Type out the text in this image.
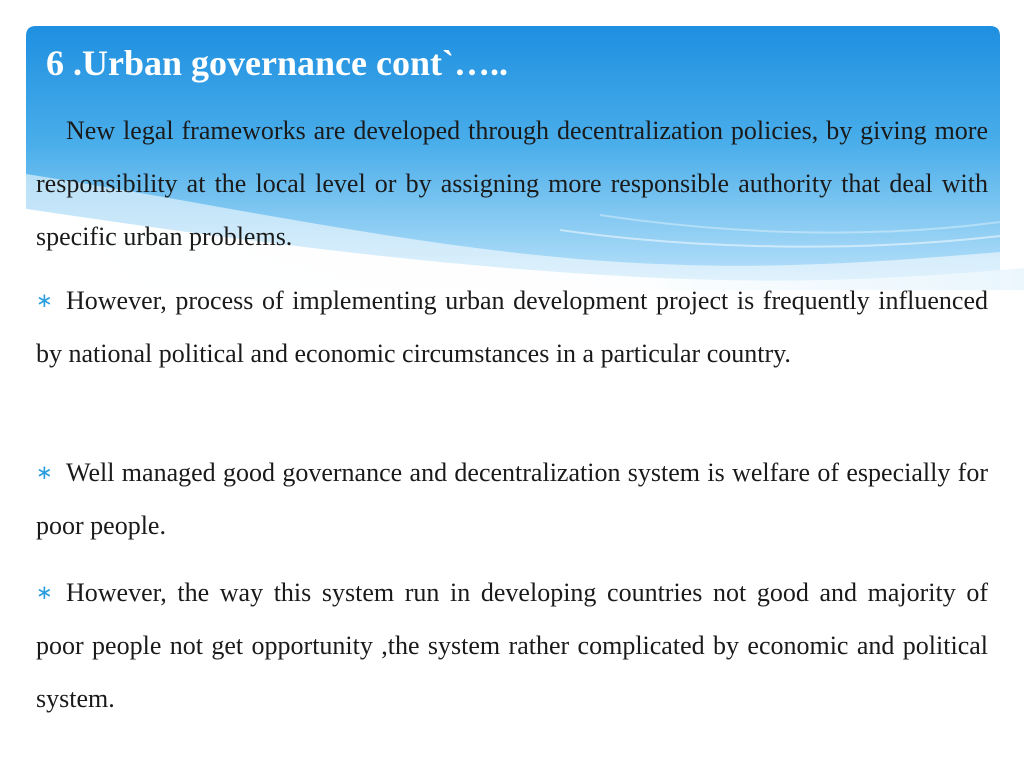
6 .Urban governance cont`…..

New legal frameworks are developed through decentralization policies, by giving more responsibility at the local level or by assigning more responsible authority that deal with specific urban problems.

∗ However, process of implementing urban development project is frequently influenced by national political and economic circumstances in a particular country.

∗ Well managed good governance and decentralization system is welfare of especially for poor people.

∗ However, the way this system run in developing countries not good and majority of poor people not get opportunity ,the system rather complicated by economic and political system.
